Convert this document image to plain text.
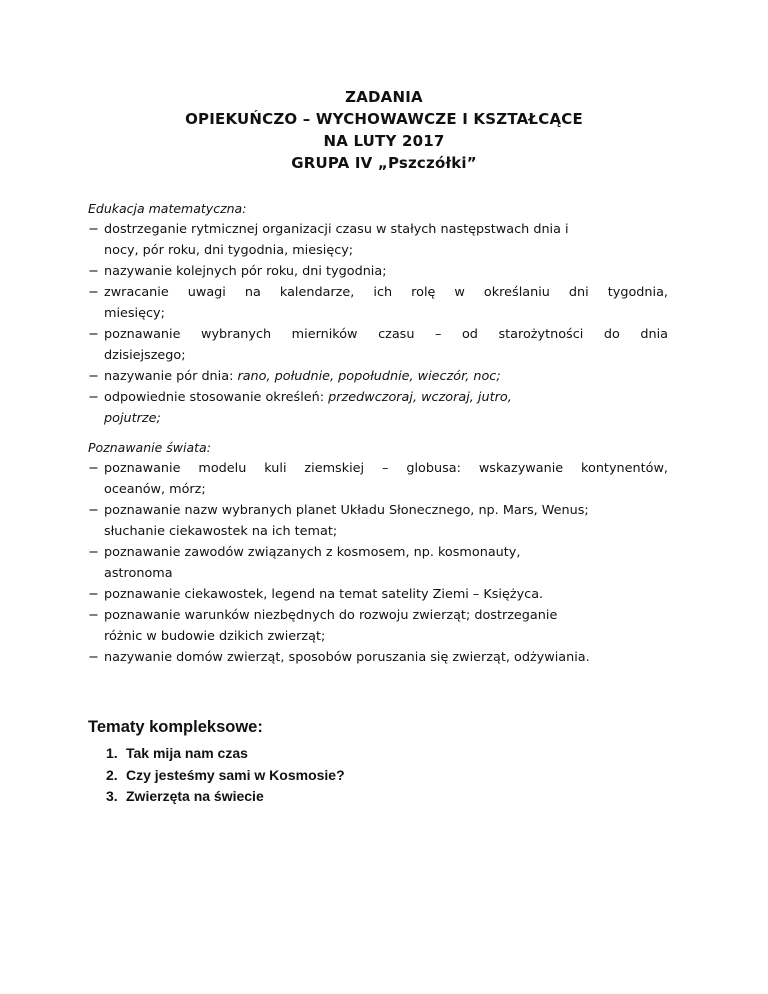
ZADANIA
OPIEKUŃCZO – WYCHOWAWCZE I KSZTAŁCĄCE
NA LUTY 2017
GRUPA IV „Pszczółki”
Edukacja matematyczna:
− dostrzeganie rytmicznej organizacji czasu w stałych następstwach dnia i
nocy, pór roku, dni tygodnia, miesięcy;
− nazywanie kolejnych pór roku, dni tygodnia;
− zwracanie uwagi na kalendarze, ich rolę w określaniu dni tygodnia,
miesięcy;
− poznawanie wybranych mierników czasu – od starożytności do dnia
dzisiejszego;
− nazywanie pór dnia: rano, południe, popołudnie, wieczór, noc;
− odpowiednie stosowanie określeń: przedwczoraj, wczoraj, jutro,
pojutrze;
Poznawanie świata:
− poznawanie modelu kuli ziemskiej – globusa: wskazywanie kontynentów,
oceanów, mórz;
− poznawanie nazw wybranych planet Układu Słonecznego, np. Mars, Wenus;
słuchanie ciekawostek na ich temat;
− poznawanie zawodów związanych z kosmosem, np. kosmonauty,
astronoma
− poznawanie ciekawostek, legend na temat satelity Ziemi – Księżyca.
− poznawanie warunków niezbędnych do rozwoju zwierząt; dostrzeganie
różnic w budowie dzikich zwierząt;
− nazywanie domów zwierząt, sposobów poruszania się zwierząt, odżywiania.
Tematy kompleksowe:
1. Tak mija nam czas
2. Czy jesteśmy sami w Kosmosie?
3. Zwierzęta na świecie
